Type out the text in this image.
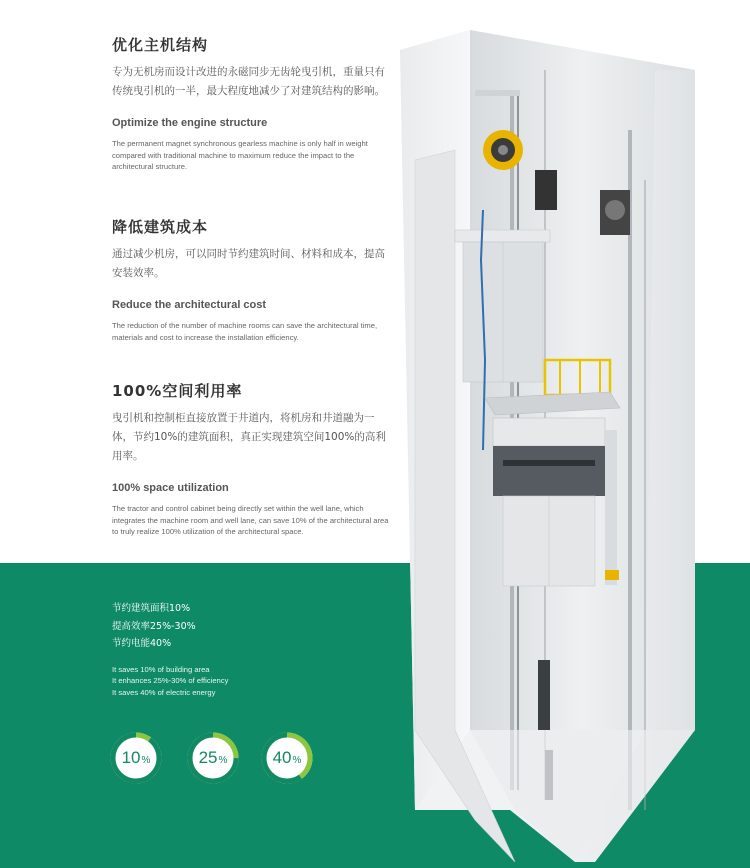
优化主机结构

专为无机房而设计改进的永磁同步无齿轮曳引机，重量只有传统曳引机的一半，最大程度地减少了对建筑结构的影响。

Optimize the engine structure

The permanent magnet synchronous gearless machine is only half in weight compared with traditional machine to maximum reduce the impact to the architectural structure.

降低建筑成本

通过减少机房，可以同时节约建筑时间、材料和成本，提高安装效率。

Reduce the architectural cost

The reduction of the number of machine rooms can save the architectural time, materials and cost to increase the installation efficiency.

100%空间利用率

曳引机和控制柜直接放置于井道内，将机房和井道融为一体，节约10%的建筑面积，真正实现建筑空间100%的高利用率。

100% space utilization

The tractor and control cabinet being directly set within the well lane, which integrates the machine room and well lane, can save 10% of the architectural area to truly realize 100% utilization of the architectural space.

节约建筑面积10%
提高效率25%-30%
节约电能40%
It saves 10% of building area
It enhances 25%-30% of efficiency
It saves 40% of electric energy
10 %	25 %	40 %
